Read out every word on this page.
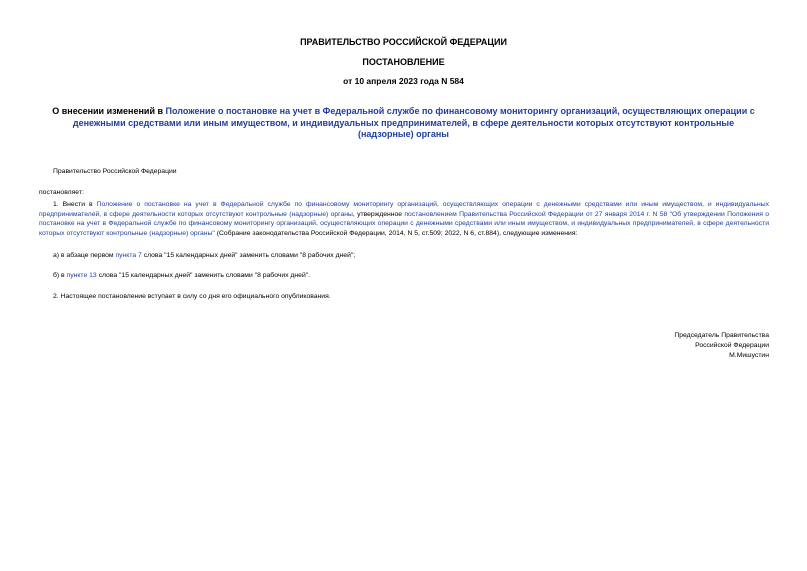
ПРАВИТЕЛЬСТВО РОССИЙСКОЙ ФЕДЕРАЦИИ
ПОСТАНОВЛЕНИЕ
от 10 апреля 2023 года N 584
О внесении изменений в Положение о постановке на учет в Федеральной службе по финансовому мониторингу организаций, осуществляющих операции с денежными средствами или иным имуществом, и индивидуальных предпринимателей, в сфере деятельности которых отсутствуют контрольные (надзорные) органы
Правительство Российской Федерации
постановляет:
1. Внести в Положение о постановке на учет в Федеральной службе по финансовому мониторингу организаций, осуществляющих операции с денежными средствами или иным имуществом, и индивидуальных предпринимателей, в сфере деятельности которых отсутствуют контрольные (надзорные) органы, утвержденное постановлением Правительства Российской Федерации от 27 января 2014 г. N 58 "Об утверждении Положения о постановке на учет в Федеральной службе по финансовому мониторингу организаций, осуществляющих операции с денежными средствами или иным имуществом, и индивидуальных предпринимателей, в сфере деятельности которых отсутствуют контрольные (надзорные) органы" (Собрание законодательства Российской Федерации, 2014, N 5, ст.509; 2022, N 6, ст.884), следующие изменения:
а) в абзаце первом пункта 7 слова "15 календарных дней" заменить словами "8 рабочих дней";
б) в пункте 13 слова "15 календарных дней" заменить словами "8 рабочих дней".
2. Настоящее постановление вступает в силу со дня его официального опубликования.
Председатель Правительства
Российской Федерации
М.Мишустин
